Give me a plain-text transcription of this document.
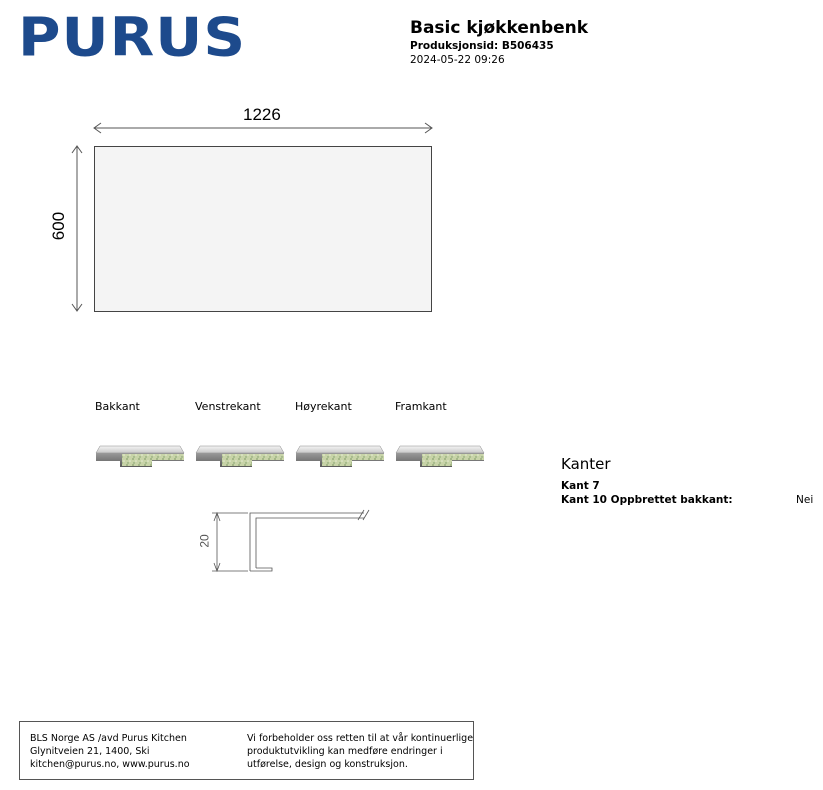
PURUS	Basic kjøkkenbenk
Produksjonsid: B506435
2024-05-22 09:26
1226
600
20
Bakkant	Venstrekant	Høyrekant	Framkant
Kanter
Kant 7
Kant 10 Oppbrettet bakkant:	Nei
BLS Norge AS /avd Purus Kitchen
Glynitveien 21, 1400, Ski
kitchen@purus.no, www.purus.no
Vi forbeholder oss retten til at vår kontinuerlige
produktutvikling kan medføre endringer i
utførelse, design og konstruksjon.
